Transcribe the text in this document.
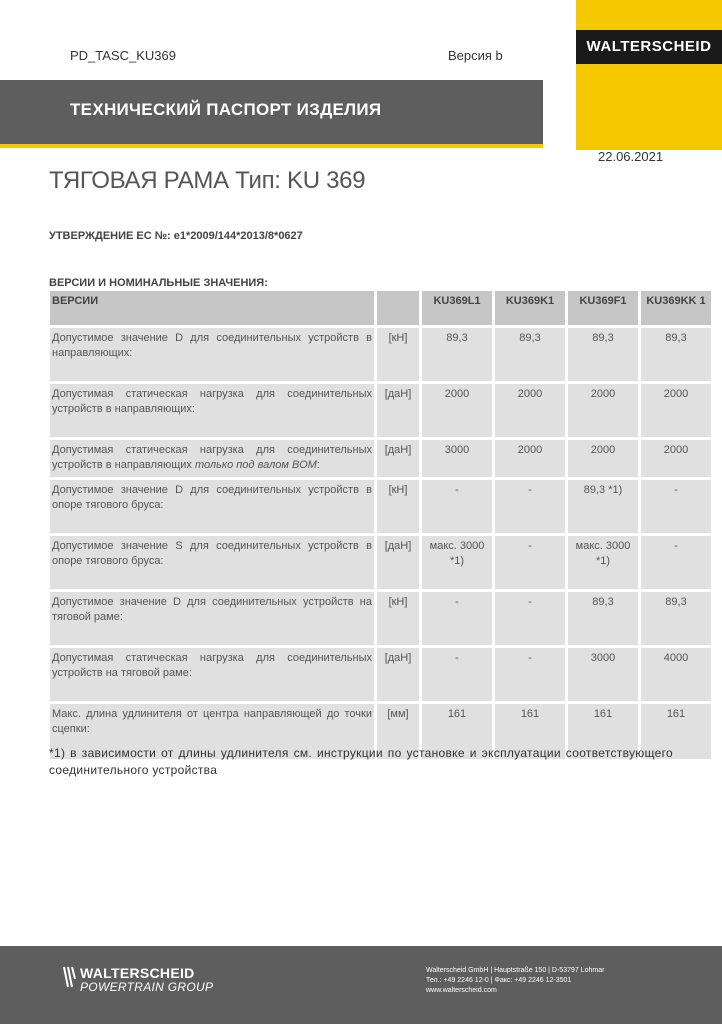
PD_TASC_KU369	Версия b
WALTERSCHEID
ТЕХНИЧЕСКИЙ ПАСПОРТ ИЗДЕЛИЯ
22.06.2021
ТЯГОВАЯ РАМА Тип: KU 369
УТВЕРЖДЕНИЕ ЕС №: e1*2009/144*2013/8*0627
ВЕРСИИ И НОМИНАЛЬНЫЕ ЗНАЧЕНИЯ:
ВЕРСИИ		KU369L1	KU369K1	KU369F1	KU369KK 1
Допустимое значение D для соединительных устройств в направляющих:	[кН]	89,3	89,3	89,3	89,3
Допустимая статическая нагрузка для соединительных устройств в направляющих:	[даН]	2000	2000	2000	2000
Допустимая статическая нагрузка для соединительных устройств в направляющих только под валом ВОМ:	[даН]	3000	2000	2000	2000
Допустимое значение D для соединительных устройств в опоре тягового бруса:	[кН]	-	-	89,3 *1)	-
Допустимое значение S для соединительных устройств в опоре тягового бруса:	[даН]	макс. 3000 *1)	-	макс. 3000 *1)	-
Допустимое значение D для соединительных устройств на тяговой раме:	[кН]	-	-	89,3	89,3
Допустимая статическая нагрузка для соединительных устройств на тяговой раме:	[даН]	-	-	3000	4000
Макс. длина удлинителя от центра направляющей до точки сцепки:	[мм]	161	161	161	161
*1) в зависимости от длины удлинителя см. инструкции по установке и эксплуатации соответствующего соединительного устройства
WALTERSCHEID
POWERTRAIN GROUP
Walterscheid GmbH | Hauptstraße 150 | D-53797 Lohmar
Тел.: +49 2246 12-0 | Факс: +49 2246 12-3501
www.walterscheid.com
